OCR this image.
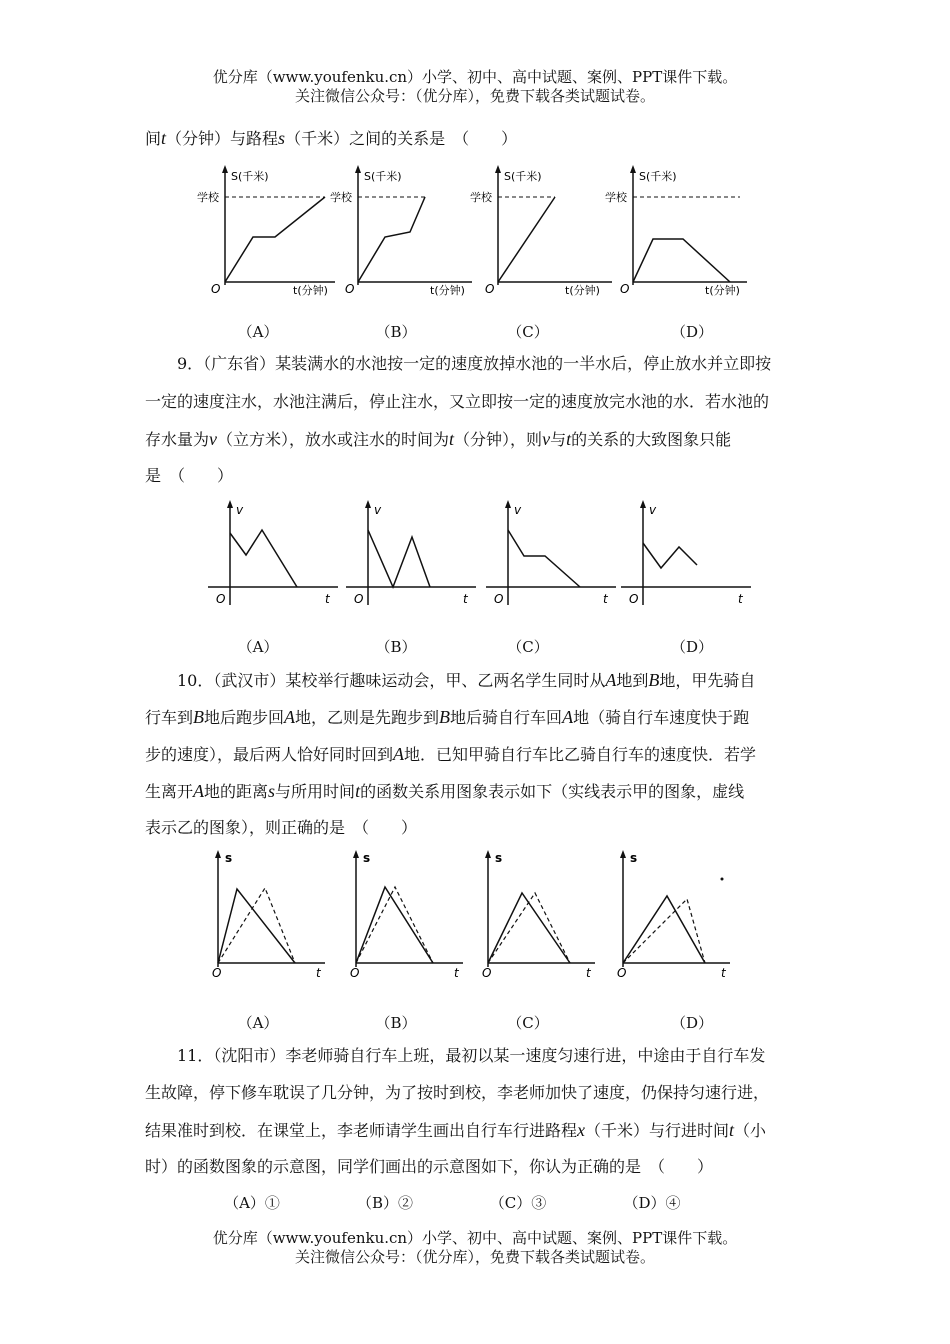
优分库（www.youfenku.cn）小学、初中、高中试题、案例、PPT课件下载。
关注微信公众号：（优分库），免费下载各类试题试卷。
间t（分钟）与路程s（千米）之间的关系是　（　　）
S(千米)
学校
O	t(分钟)
S(千米)
学校
O	t(分钟)
S(千米)
学校
O	t(分钟)
S(千米)
学校
O	t(分钟)
（A）	（B）	（C）	（D）
9．（广东省）某装满水的水池按一定的速度放掉水池的一半水后，停止放水并立即按
一定的速度注水，水池注满后，停止注水，又立即按一定的速度放完水池的水．若水池的
存水量为v（立方米），放水或注水的时间为t（分钟），则v与t的关系的大致图象只能
是　（　　）
v
O	t
v
O	t
v
O	t
v
O	t
（A）	（B）	（C）	（D）
10．（武汉市）某校举行趣味运动会，甲、乙两名学生同时从A地到B地，甲先骑自
行车到B地后跑步回A地，乙则是先跑步到B地后骑自行车回A地（骑自行车速度快于跑
步的速度），最后两人恰好同时回到A地．已知甲骑自行车比乙骑自行车的速度快．若学
生离开A地的距离s与所用时间t的函数关系用图象表示如下（实线表示甲的图象，虚线
表示乙的图象），则正确的是　（　　）
s
O	t
s
O	t
s
O	t
s
O	t
（A）	（B）	（C）	（D）
11．（沈阳市）李老师骑自行车上班，最初以某一速度匀速行进，中途由于自行车发
生故障，停下修车耽误了几分钟，为了按时到校，李老师加快了速度，仍保持匀速行进，
结果准时到校．在课堂上，李老师请学生画出自行车行进路程x（千米）与行进时间t（小
时）的函数图象的示意图，同学们画出的示意图如下，你认为正确的是　（　　）
（A）①	（B）②	（C）③	（D）④
优分库（www.youfenku.cn）小学、初中、高中试题、案例、PPT课件下载。
关注微信公众号：（优分库），免费下载各类试题试卷。
